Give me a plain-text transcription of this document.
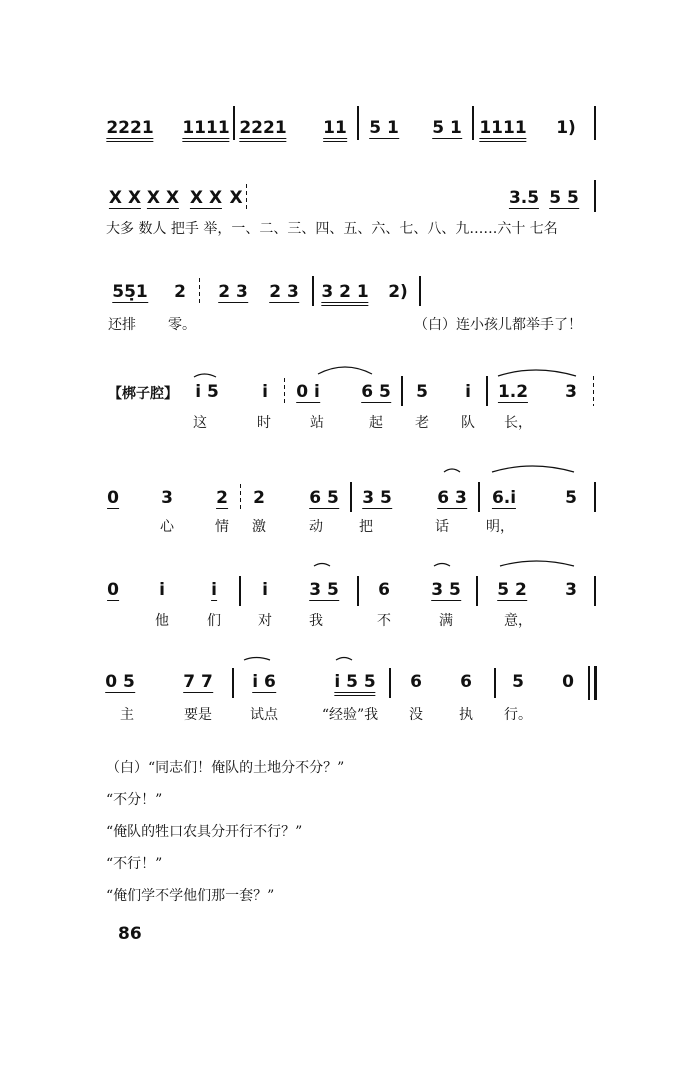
2221 1111 2221 11 5 1 5 1 1111 1)
X X X X X X X	3.5 5 5
大多 数人 把手 举，一、二、三、四、五、六、七、八、九……六十 七名
55̣1 2 2 3 2 3 3 2 1 2)
还排 零。	（白）连小孩儿都举手了！
【梆子腔】 i 5	i 0 i 6 5 5 i 1.2 3
这	时	站	起 老 队 长，
0 3	2 2	6 5 3 5	6 3 6.i	5
心	情 激	动	把	话	明，
0 i	i	i 3 5 6 3 5 5 2 3
他	们	对	我	不	满	意，
0 5	7 7 i 6	i 5 5 6 6 5 0
主	要是	试点	“经验”我 没	执 行。
（白）“同志们！俺队的土地分不分？”
“不分！”
“俺队的牲口农具分开行不行？”
“不行！”
“俺们学不学他们那一套？”
86
